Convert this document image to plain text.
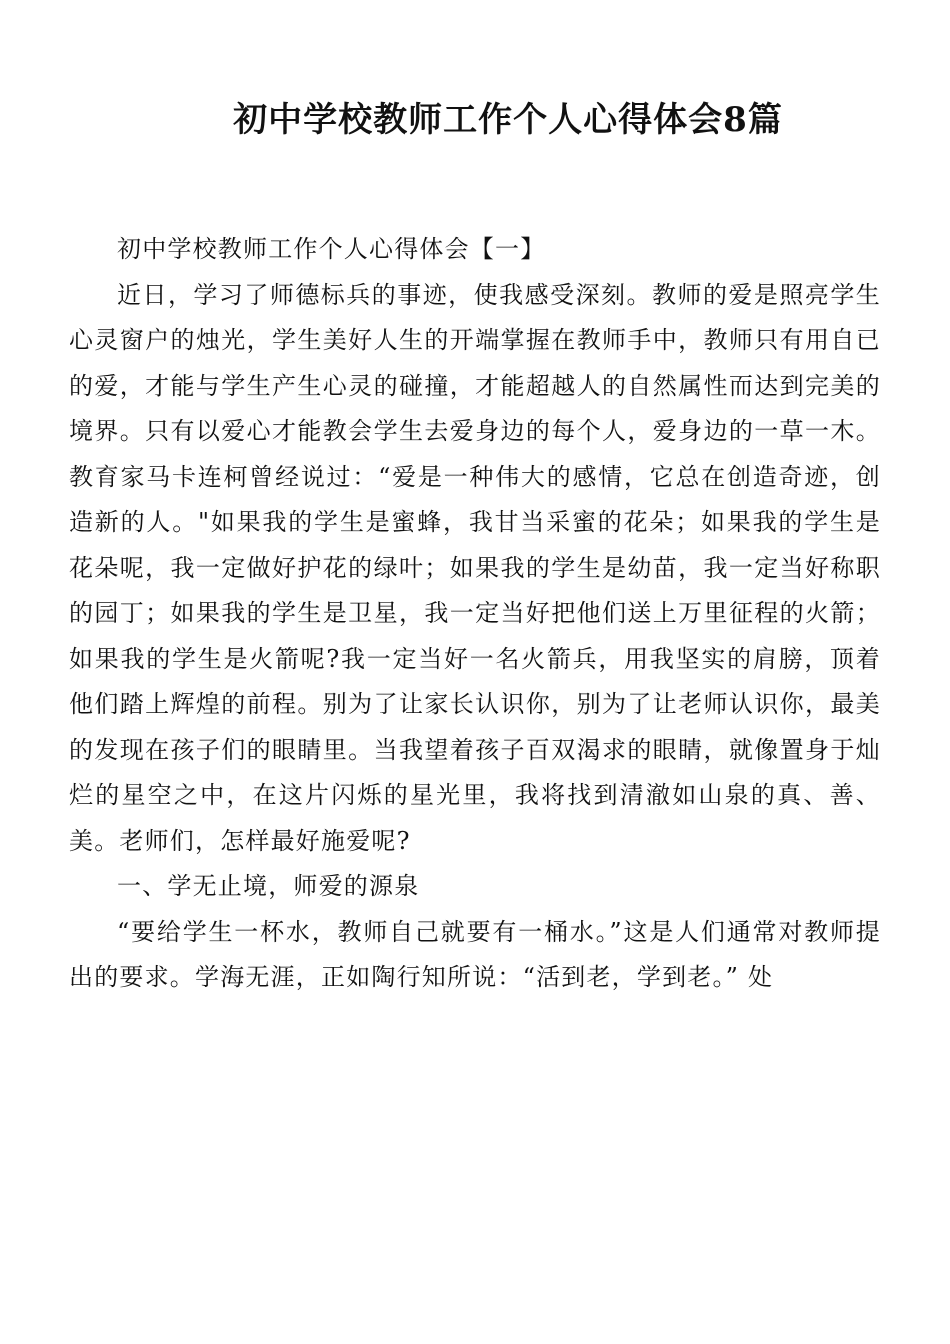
初中学校教师工作个人心得体会8篇

初中学校教师工作个人心得体会【一】

近日，学习了师德标兵的事迹，使我感受深刻。教师的爱是照亮学生心灵窗户的烛光，学生美好人生的开端掌握在教师手中，教师只有用自已的爱，才能与学生产生心灵的碰撞，才能超越人的自然属性而达到完美的境界。只有以爱心才能教会学生去爱身边的每个人，爱身边的一草一木。教育家马卡连柯曾经说过：“爱是一种伟大的感情，它总在创造奇迹，创造新的人。"如果我的学生是蜜蜂，我甘当采蜜的花朵；如果我的学生是花朵呢，我一定做好护花的绿叶；如果我的学生是幼苗，我一定当好称职的园丁；如果我的学生是卫星，我一定当好把他们送上万里征程的火箭；如果我的学生是火箭呢?我一定当好一名火箭兵，用我坚实的肩膀，顶着他们踏上辉煌的前程。别为了让家长认识你，别为了让老师认识你，最美的发现在孩子们的眼睛里。当我望着孩子百双渴求的眼睛，就像置身于灿烂的星空之中，在这片闪烁的星光里，我将找到清澈如山泉的真、善、美。老师们，怎样最好施爱呢?

一、学无止境，师爱的源泉

“要给学生一杯水，教师自己就要有一桶水。”这是人们通常对教师提出的要求。学海无涯，正如陶行知所说：“活到老，学到老。” 处
